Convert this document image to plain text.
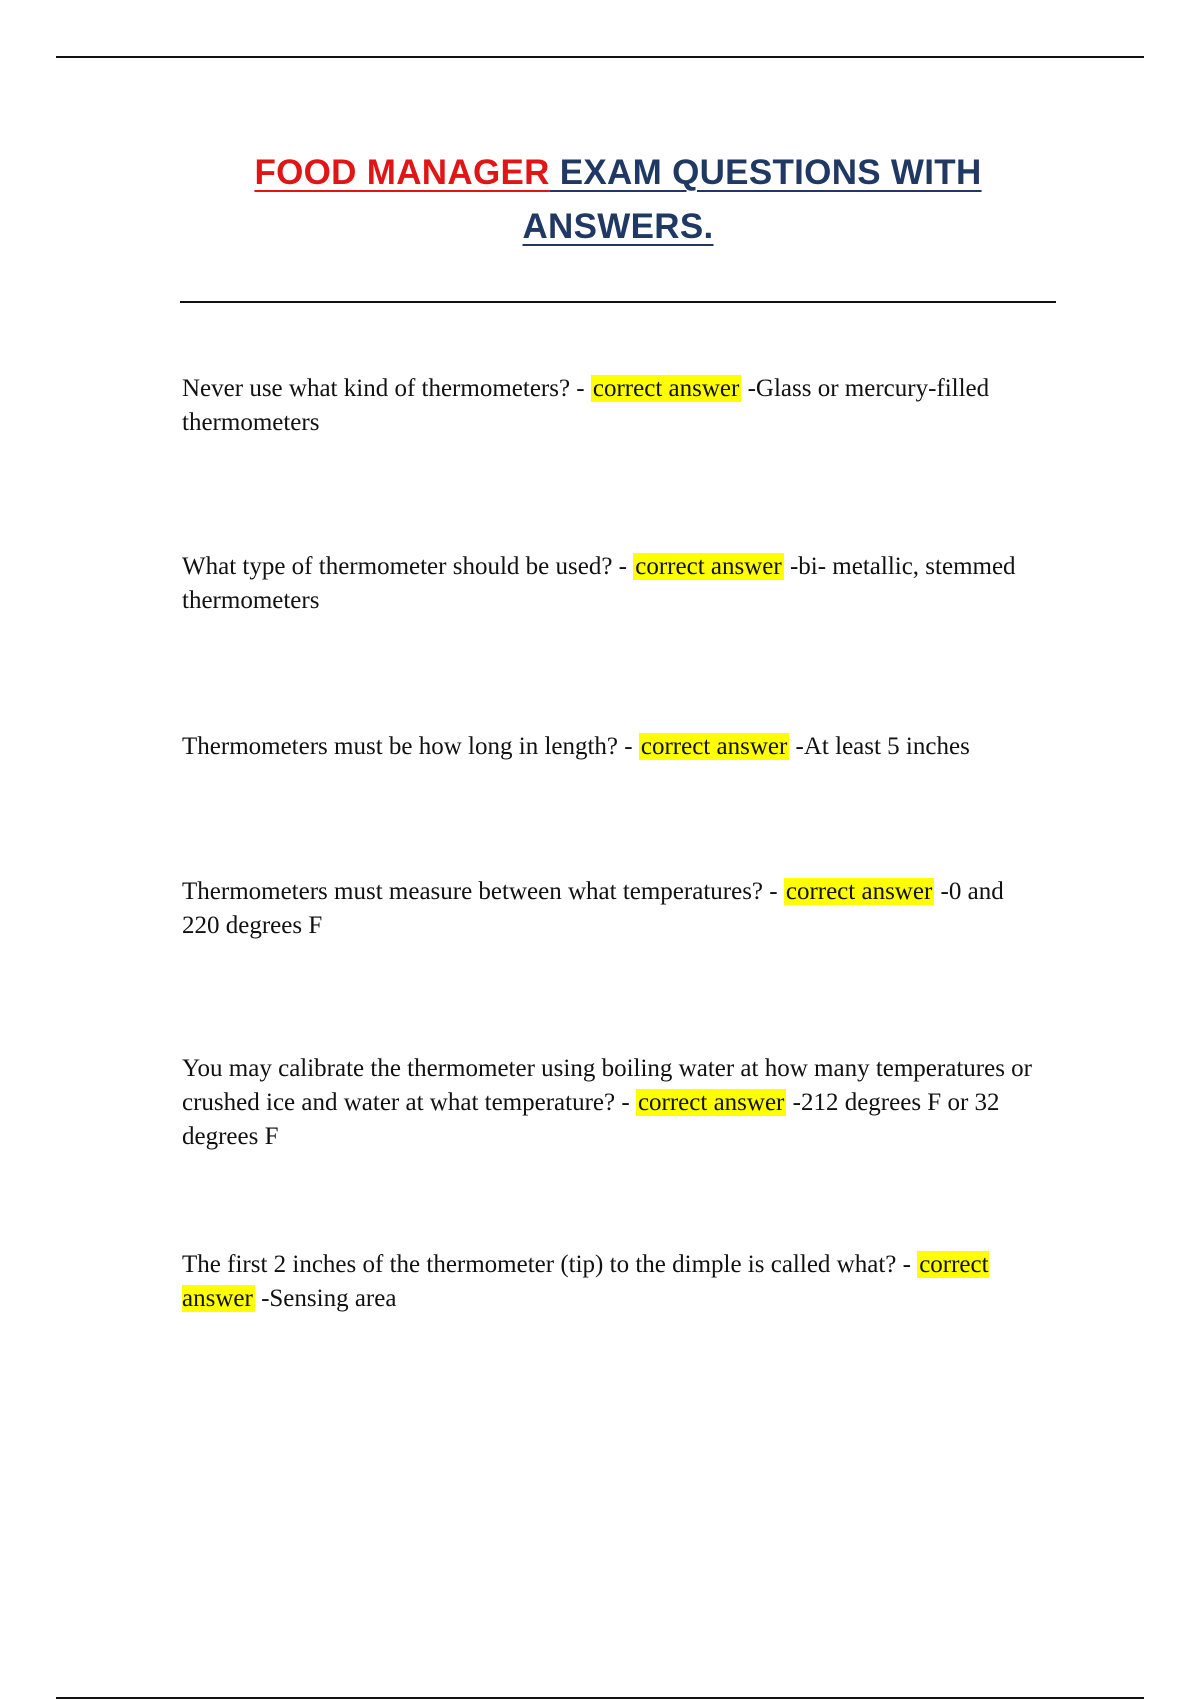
FOOD MANAGER EXAM QUESTIONS WITH ANSWERS.

Never use what kind of thermometers? - correct answer -Glass or mercury-filled thermometers

What type of thermometer should be used? - correct answer -bi- metallic, stemmed thermometers

Thermometers must be how long in length? - correct answer -At least 5 inches

Thermometers must measure between what temperatures? - correct answer -0 and 220 degrees F

You may calibrate the thermometer using boiling water at how many temperatures or crushed ice and water at what temperature? - correct answer -212 degrees F or 32 degrees F

The first 2 inches of the thermometer (tip) to the dimple is called what? - correct answer -Sensing area
